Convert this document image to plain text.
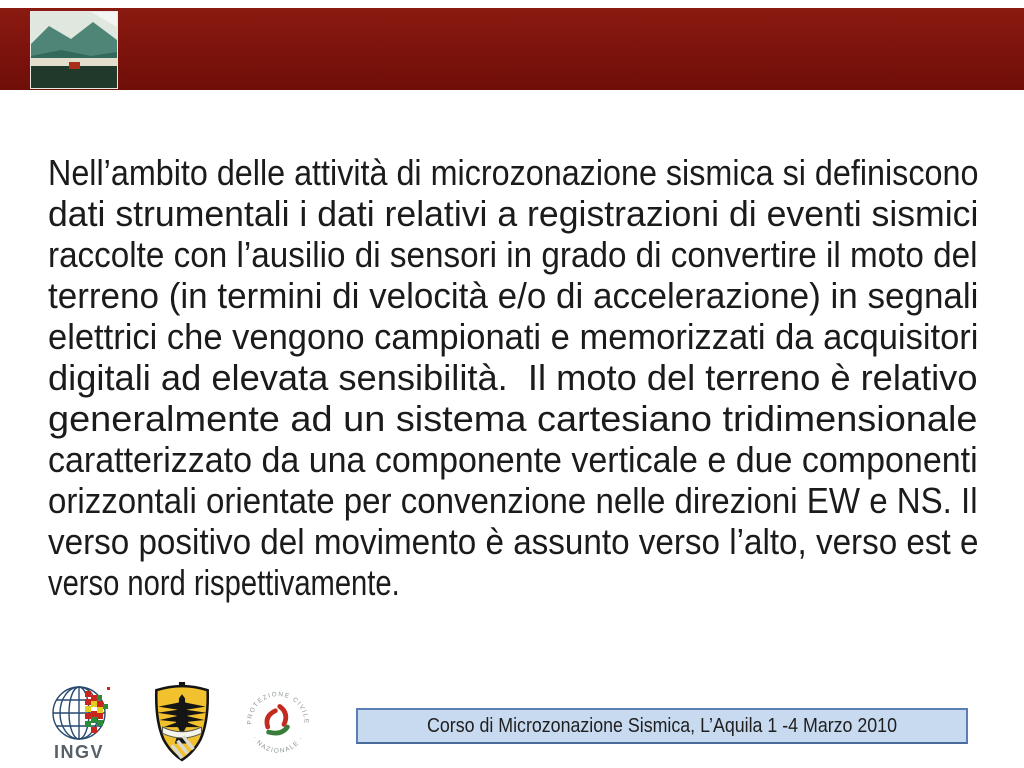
Nell’ambito delle attività di microzonazione sismica si definiscono
dati strumentali i dati relativi a registrazioni di eventi sismici
raccolte con l’ausilio di sensori in grado di convertire il moto del
terreno (in termini di velocità e/o di accelerazione) in segnali
elettrici che vengono campionati e memorizzati da acquisitori
digitali ad elevata sensibilità.  Il moto del terreno è relativo
generalmente ad un sistema cartesiano tridimensionale
caratterizzato da una componente verticale e due componenti
orizzontali orientate per convenzione nelle direzioni EW e NS. Il
verso positivo del movimento è assunto verso l’alto, verso est e
verso nord rispettivamente.
INGV
PROTEZIONE CIVILE
· NAZIONALE ·
Corso di Microzonazione Sismica, L’Aquila 1 -4 Marzo 2010
